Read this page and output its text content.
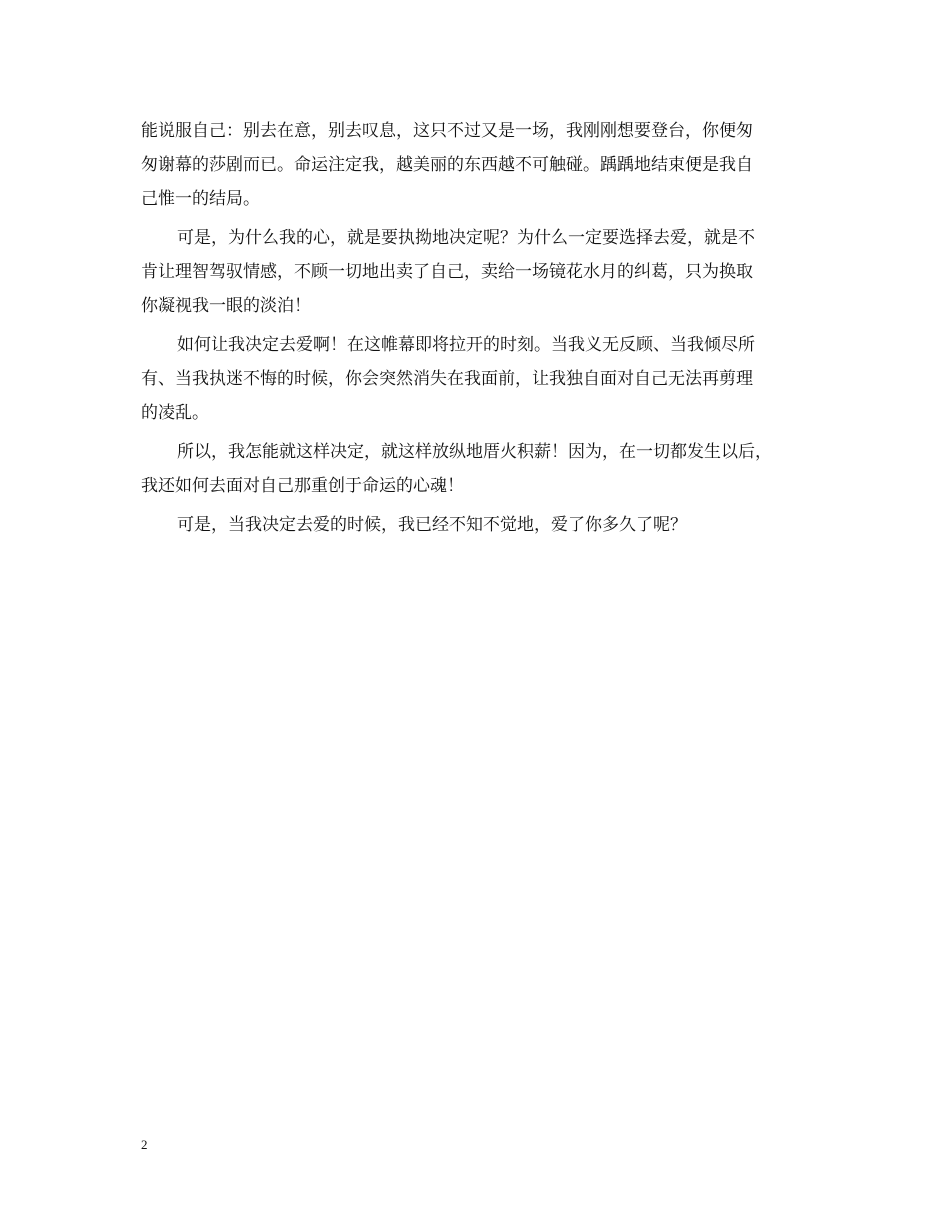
能说服自己：别去在意，别去叹息，这只不过又是一场，我刚刚想要登台，你便匆
匆谢幕的莎剧而已。命运注定我，越美丽的东西越不可触碰。踽踽地结束便是我自
己惟一的结局。
可是，为什么我的心，就是要执拗地决定呢？为什么一定要选择去爱，就是不
肯让理智驾驭情感，不顾一切地出卖了自己，卖给一场镜花水月的纠葛，只为换取
你凝视我一眼的淡泊！
如何让我决定去爱啊！在这帷幕即将拉开的时刻。当我义无反顾、当我倾尽所
有、当我执迷不悔的时候，你会突然消失在我面前，让我独自面对自己无法再剪理
的凌乱。
所以，我怎能就这样决定，就这样放纵地厝火积薪！因为，在一切都发生以后，
我还如何去面对自己那重创于命运的心魂！
可是，当我决定去爱的时候，我已经不知不觉地，爱了你多久了呢？
2
